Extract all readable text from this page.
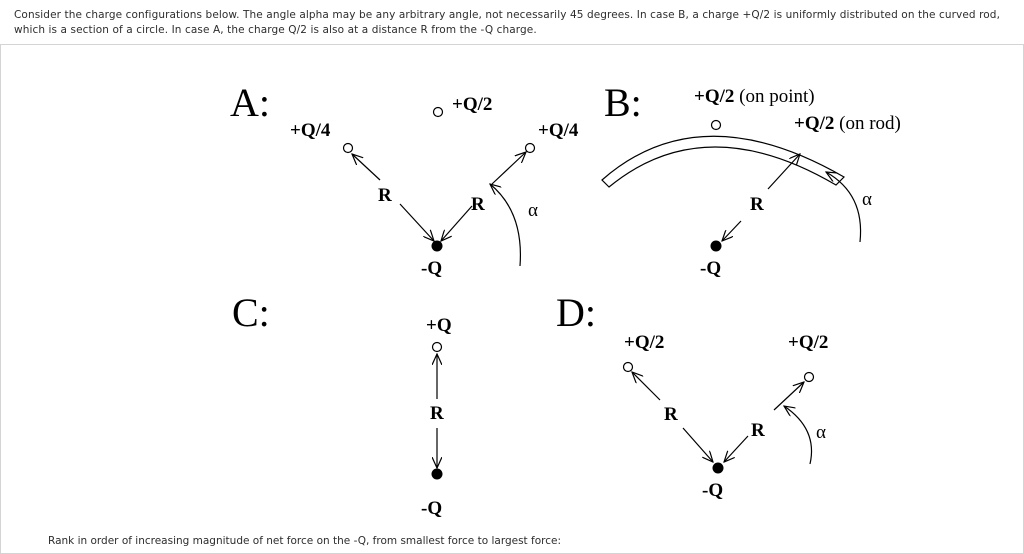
Consider the charge configurations below. The angle alpha may be any arbitrary angle, not necessarily 45 degrees. In case B, a charge +Q/2 is uniformly distributed on the curved rod, which is a section of a circle. In case A, the charge Q/2 is also at a distance R from the -Q charge.

A:
+Q/4
+Q/2
+Q/4
R	R α
-Q
B:	+Q/2 (on point)
+Q/2 (on rod)
R	α
-Q
C:	+Q
R
-Q
D:
+Q/2	+Q/2
R
R	α
-Q

Rank in order of increasing magnitude of net force on the -Q, from smallest force to largest force:
